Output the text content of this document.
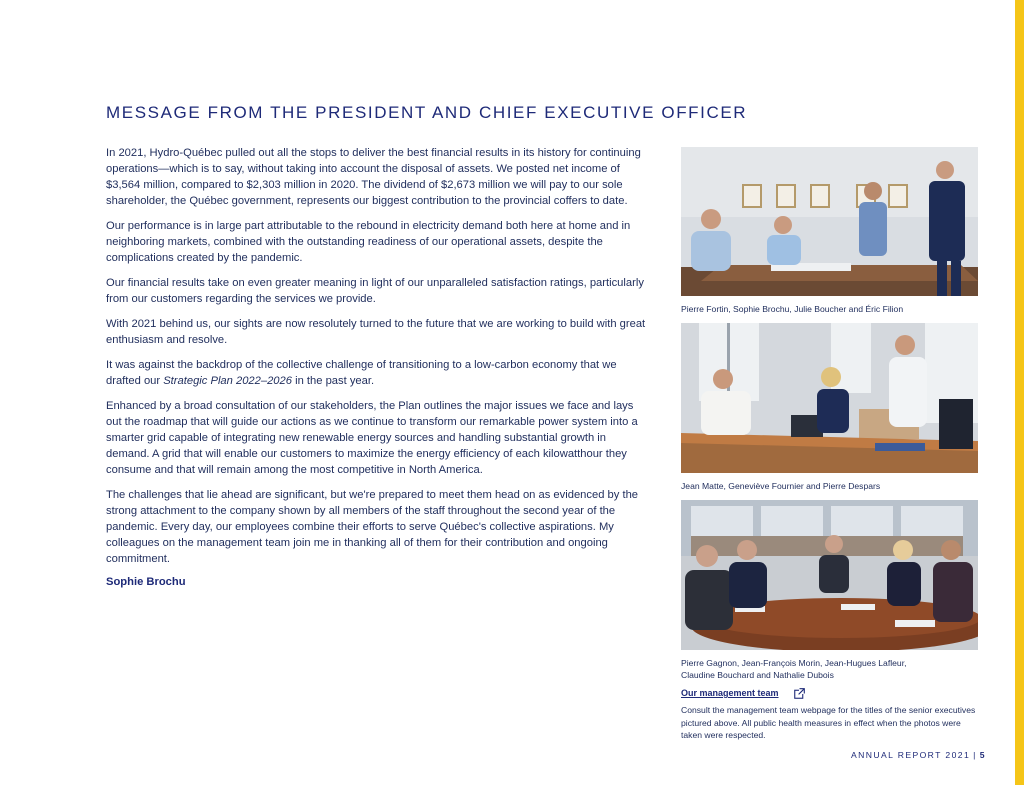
MESSAGE FROM THE PRESIDENT AND CHIEF EXECUTIVE OFFICER

In 2021, Hydro-Québec pulled out all the stops to deliver the best financial results in its history for continuing operations—which is to say, without taking into account the disposal of assets. We posted net income of $3,564 million, compared to $2,303 million in 2020. The dividend of $2,673 million we will pay to our sole shareholder, the Québec government, represents our biggest contribution to the provincial coffers to date.

Our performance is in large part attributable to the rebound in electricity demand both here at home and in neighboring markets, combined with the outstanding readiness of our operational assets, despite the complications created by the pandemic.

Our financial results take on even greater meaning in light of our unparalleled satisfaction ratings, particularly from our customers regarding the services we provide.

With 2021 behind us, our sights are now resolutely turned to the future that we are working to build with great enthusiasm and resolve.

It was against the backdrop of the collective challenge of transitioning to a low-carbon economy that we drafted our Strategic Plan 2022–2026 in the past year.

Enhanced by a broad consultation of our stakeholders, the Plan outlines the major issues we face and lays out the roadmap that will guide our actions as we continue to transform our remarkable power system into a smarter grid capable of integrating new renewable energy sources and handling substantial growth in demand. A grid that will enable our customers to maximize the energy efficiency of each kilowatthour they consume and that will remain among the most competitive in North America.

The challenges that lie ahead are significant, but we're prepared to meet them head on as evidenced by the strong attachment to the company shown by all members of the staff throughout the second year of the pandemic. Every day, our employees combine their efforts to serve Québec's collective aspirations. My colleagues on the management team join me in thanking all of them for their contribution and ongoing commitment.

Sophie Brochu
Pierre Fortin, Sophie Brochu, Julie Boucher and Éric Filion
Jean Matte, Geneviève Fournier and Pierre Despars
Pierre Gagnon, Jean-François Morin, Jean-Hugues Lafleur,
Claudine Bouchard and Nathalie Dubois
Our management team
Consult the management team webpage for the titles of the senior executives pictured above. All public health measures in effect when the photos were taken were respected.
ANNUAL REPORT 2021 | 5
